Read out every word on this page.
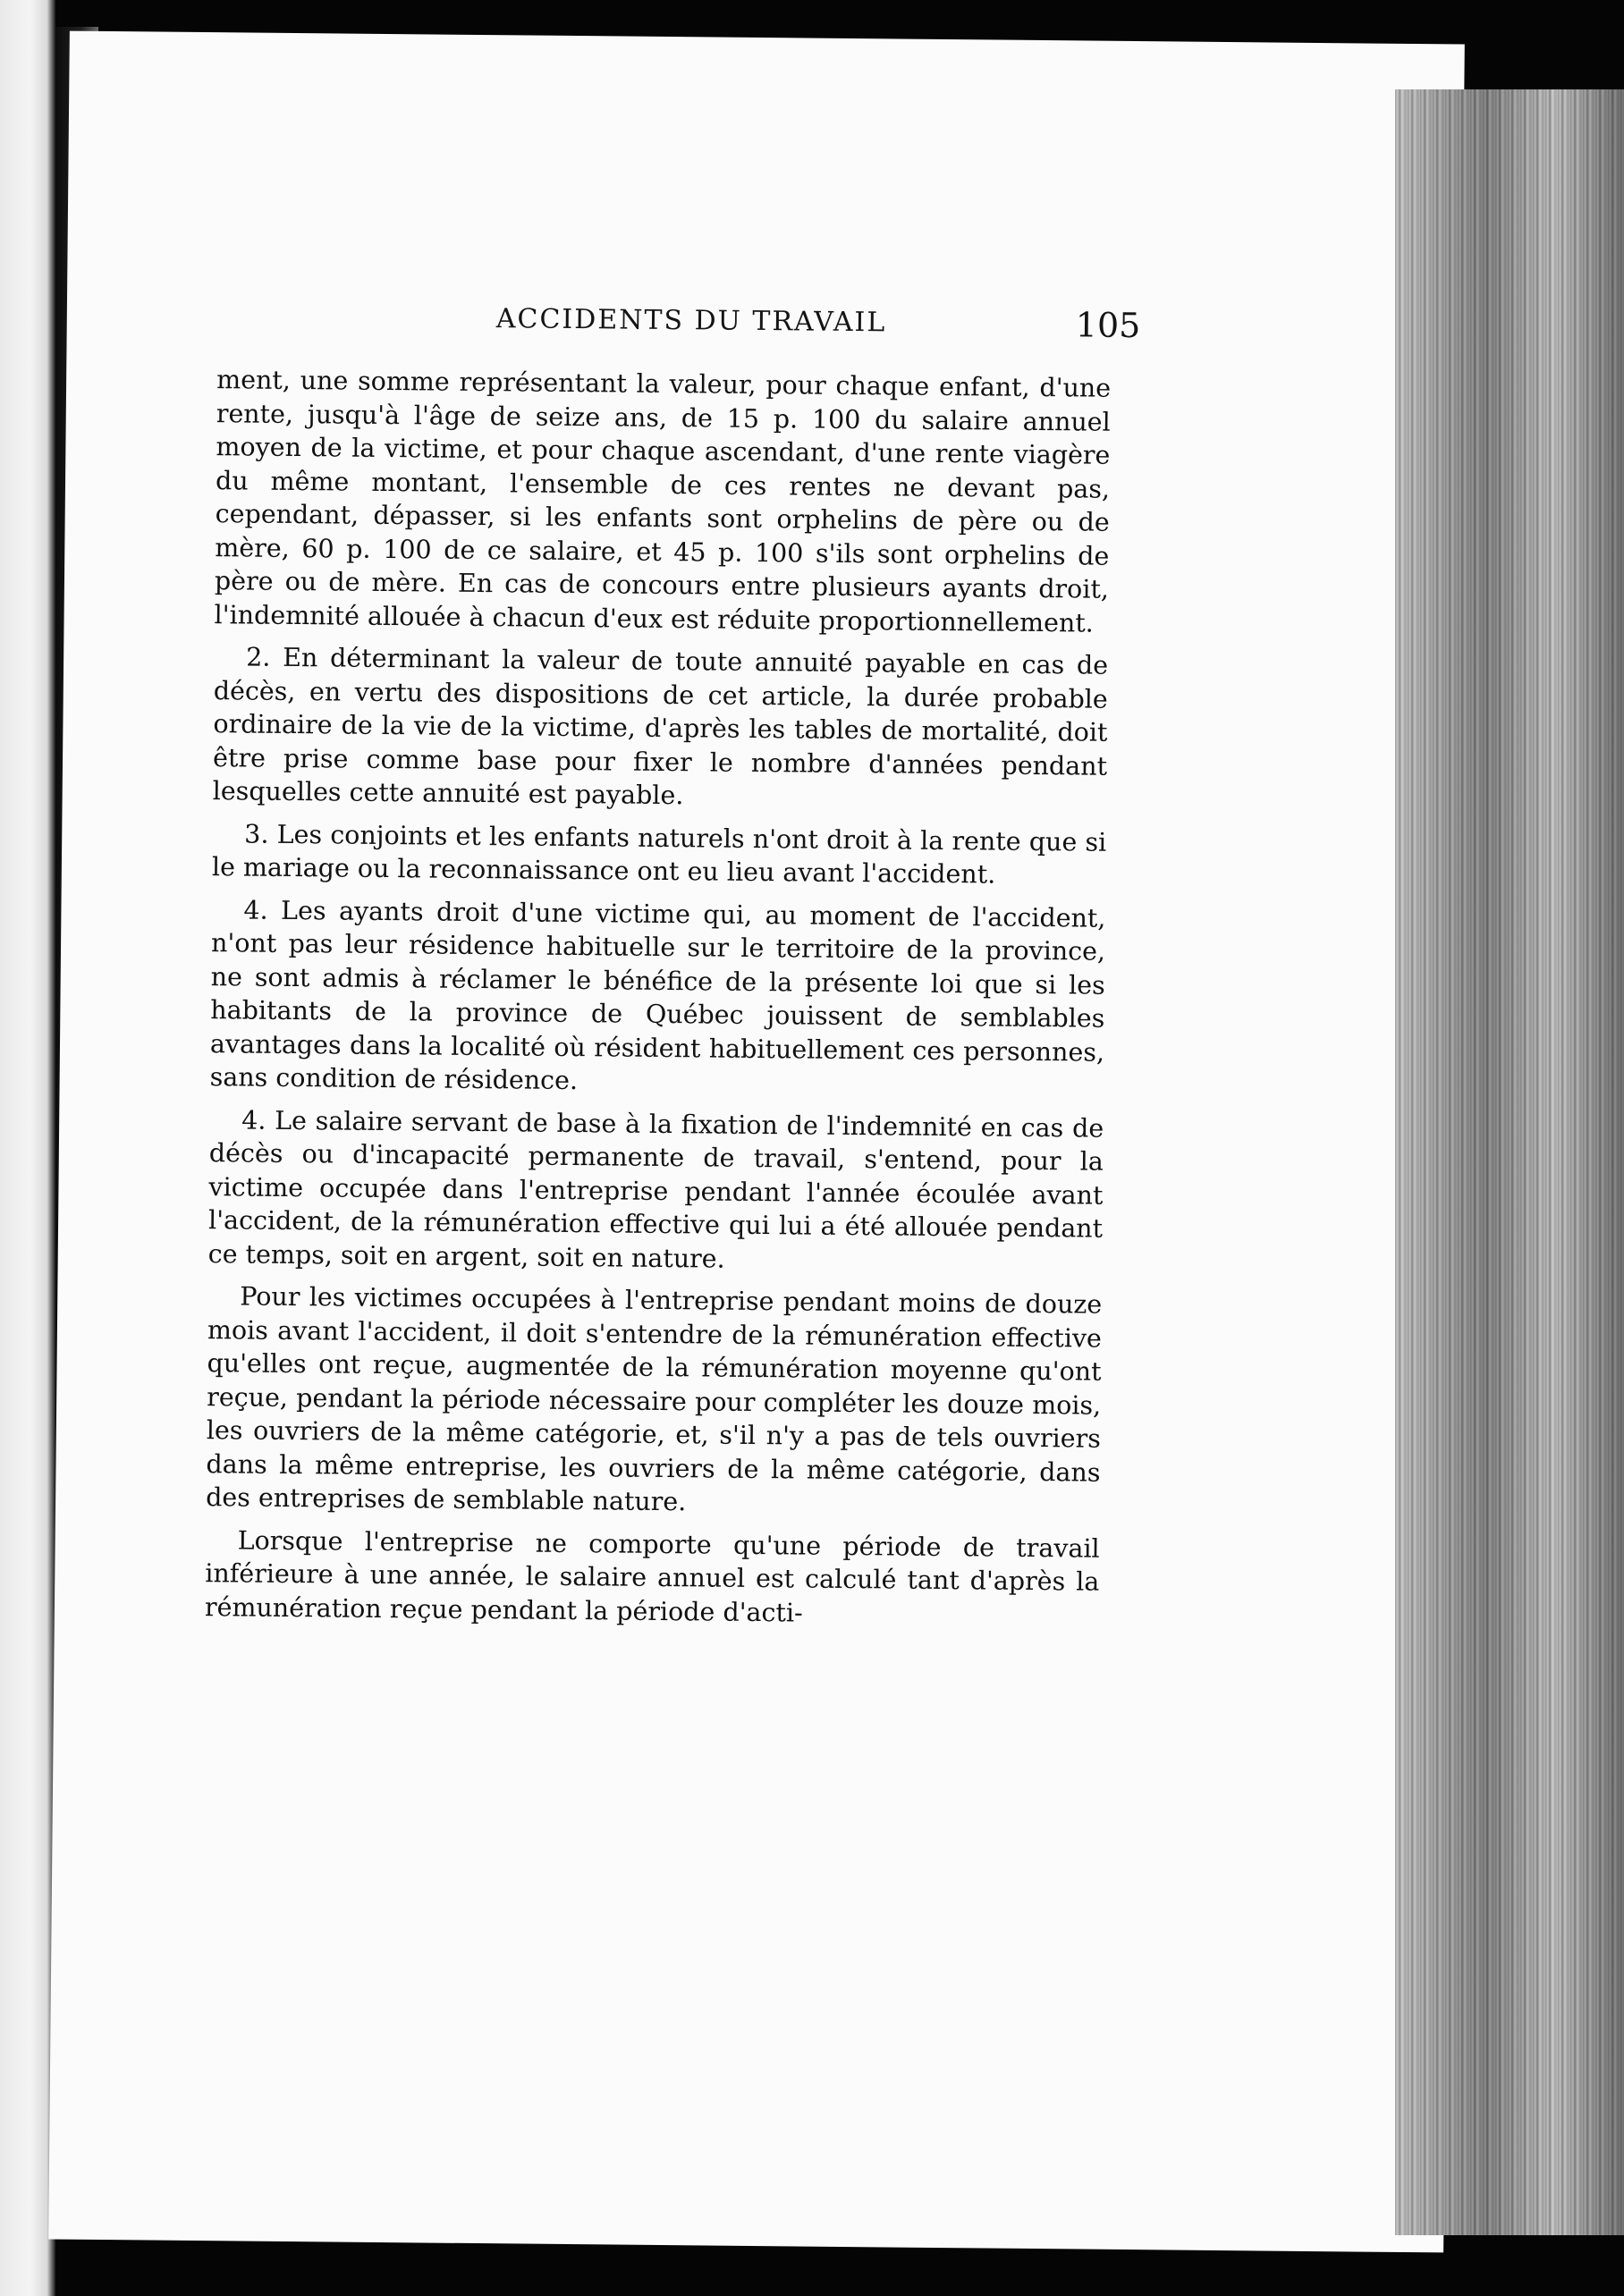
ACCIDENTS DU TRAVAIL	105

ment, une somme représentant la valeur, pour chaque enfant, d'une rente, jusqu'à l'âge de seize ans, de 15 p. 100 du salaire annuel moyen de la victime, et pour chaque ascendant, d'une rente viagère du même montant, l'ensemble de ces rentes ne devant pas, cependant, dépasser, si les enfants sont orphelins de père ou de mère, 60 p. 100 de ce salaire, et 45 p. 100 s'ils sont orphelins de père ou de mère. En cas de concours entre plusieurs ayants droit, l'indemnité allouée à chacun d'eux est réduite proportionnellement.

2. En déterminant la valeur de toute annuité payable en cas de décès, en vertu des dispositions de cet article, la durée probable ordinaire de la vie de la victime, d'après les tables de mortalité, doit être prise comme base pour fixer le nombre d'années pendant lesquelles cette annuité est payable.

3. Les conjoints et les enfants naturels n'ont droit à la rente que si le mariage ou la reconnaissance ont eu lieu avant l'accident.

4. Les ayants droit d'une victime qui, au moment de l'accident, n'ont pas leur résidence habituelle sur le territoire de la province, ne sont admis à réclamer le bénéfice de la présente loi que si les habitants de la province de Québec jouissent de semblables avantages dans la localité où résident habituellement ces personnes, sans condition de résidence.

4. Le salaire servant de base à la fixation de l'indemnité en cas de décès ou d'incapacité permanente de travail, s'entend, pour la victime occupée dans l'entreprise pendant l'année écoulée avant l'accident, de la rémunération effective qui lui a été allouée pendant ce temps, soit en argent, soit en nature.

Pour les victimes occupées à l'entreprise pendant moins de douze mois avant l'accident, il doit s'entendre de la rémunération effective qu'elles ont reçue, augmentée de la rémunération moyenne qu'ont reçue, pendant la période nécessaire pour compléter les douze mois, les ouvriers de la même catégorie, et, s'il n'y a pas de tels ouvriers dans la même entreprise, les ouvriers de la même catégorie, dans des entreprises de semblable nature.

Lorsque l'entreprise ne comporte qu'une période de travail inférieure à une année, le salaire annuel est calculé tant d'après la rémunération reçue pendant la période d'acti-
